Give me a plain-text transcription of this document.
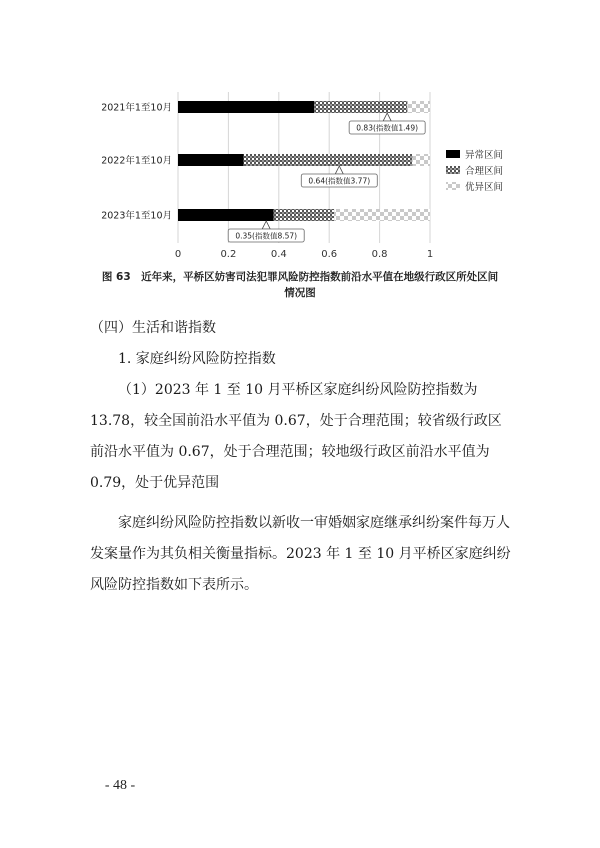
0.83(指数值1.49)
0.64(指数值3.77)
0.35(指数值8.57)
2021年1至10月
2022年1至10月
2023年1至10月
0	0.2	0.4	0.6	0.8	1
异常区间
合理区间
优异区间
图 63　近年来，平桥区妨害司法犯罪风险防控指数前沿水平值在地级行政区所处区间
情况图
（四）生活和谐指数
1. 家庭纠纷风险防控指数
（1）2023 年 1 至 10 月平桥区家庭纠纷风险防控指数为 13.78，较全国前沿水平值为 0.67，处于合理范围；较省级行政区前沿水平值为 0.67，处于合理范围；较地级行政区前沿水平值为 0.79，处于优异范围
家庭纠纷风险防控指数以新收一审婚姻家庭继承纠纷案件每万人发案量作为其负相关衡量指标。2023 年 1 至 10 月平桥区家庭纠纷风险防控指数如下表所示。
- 48 -
